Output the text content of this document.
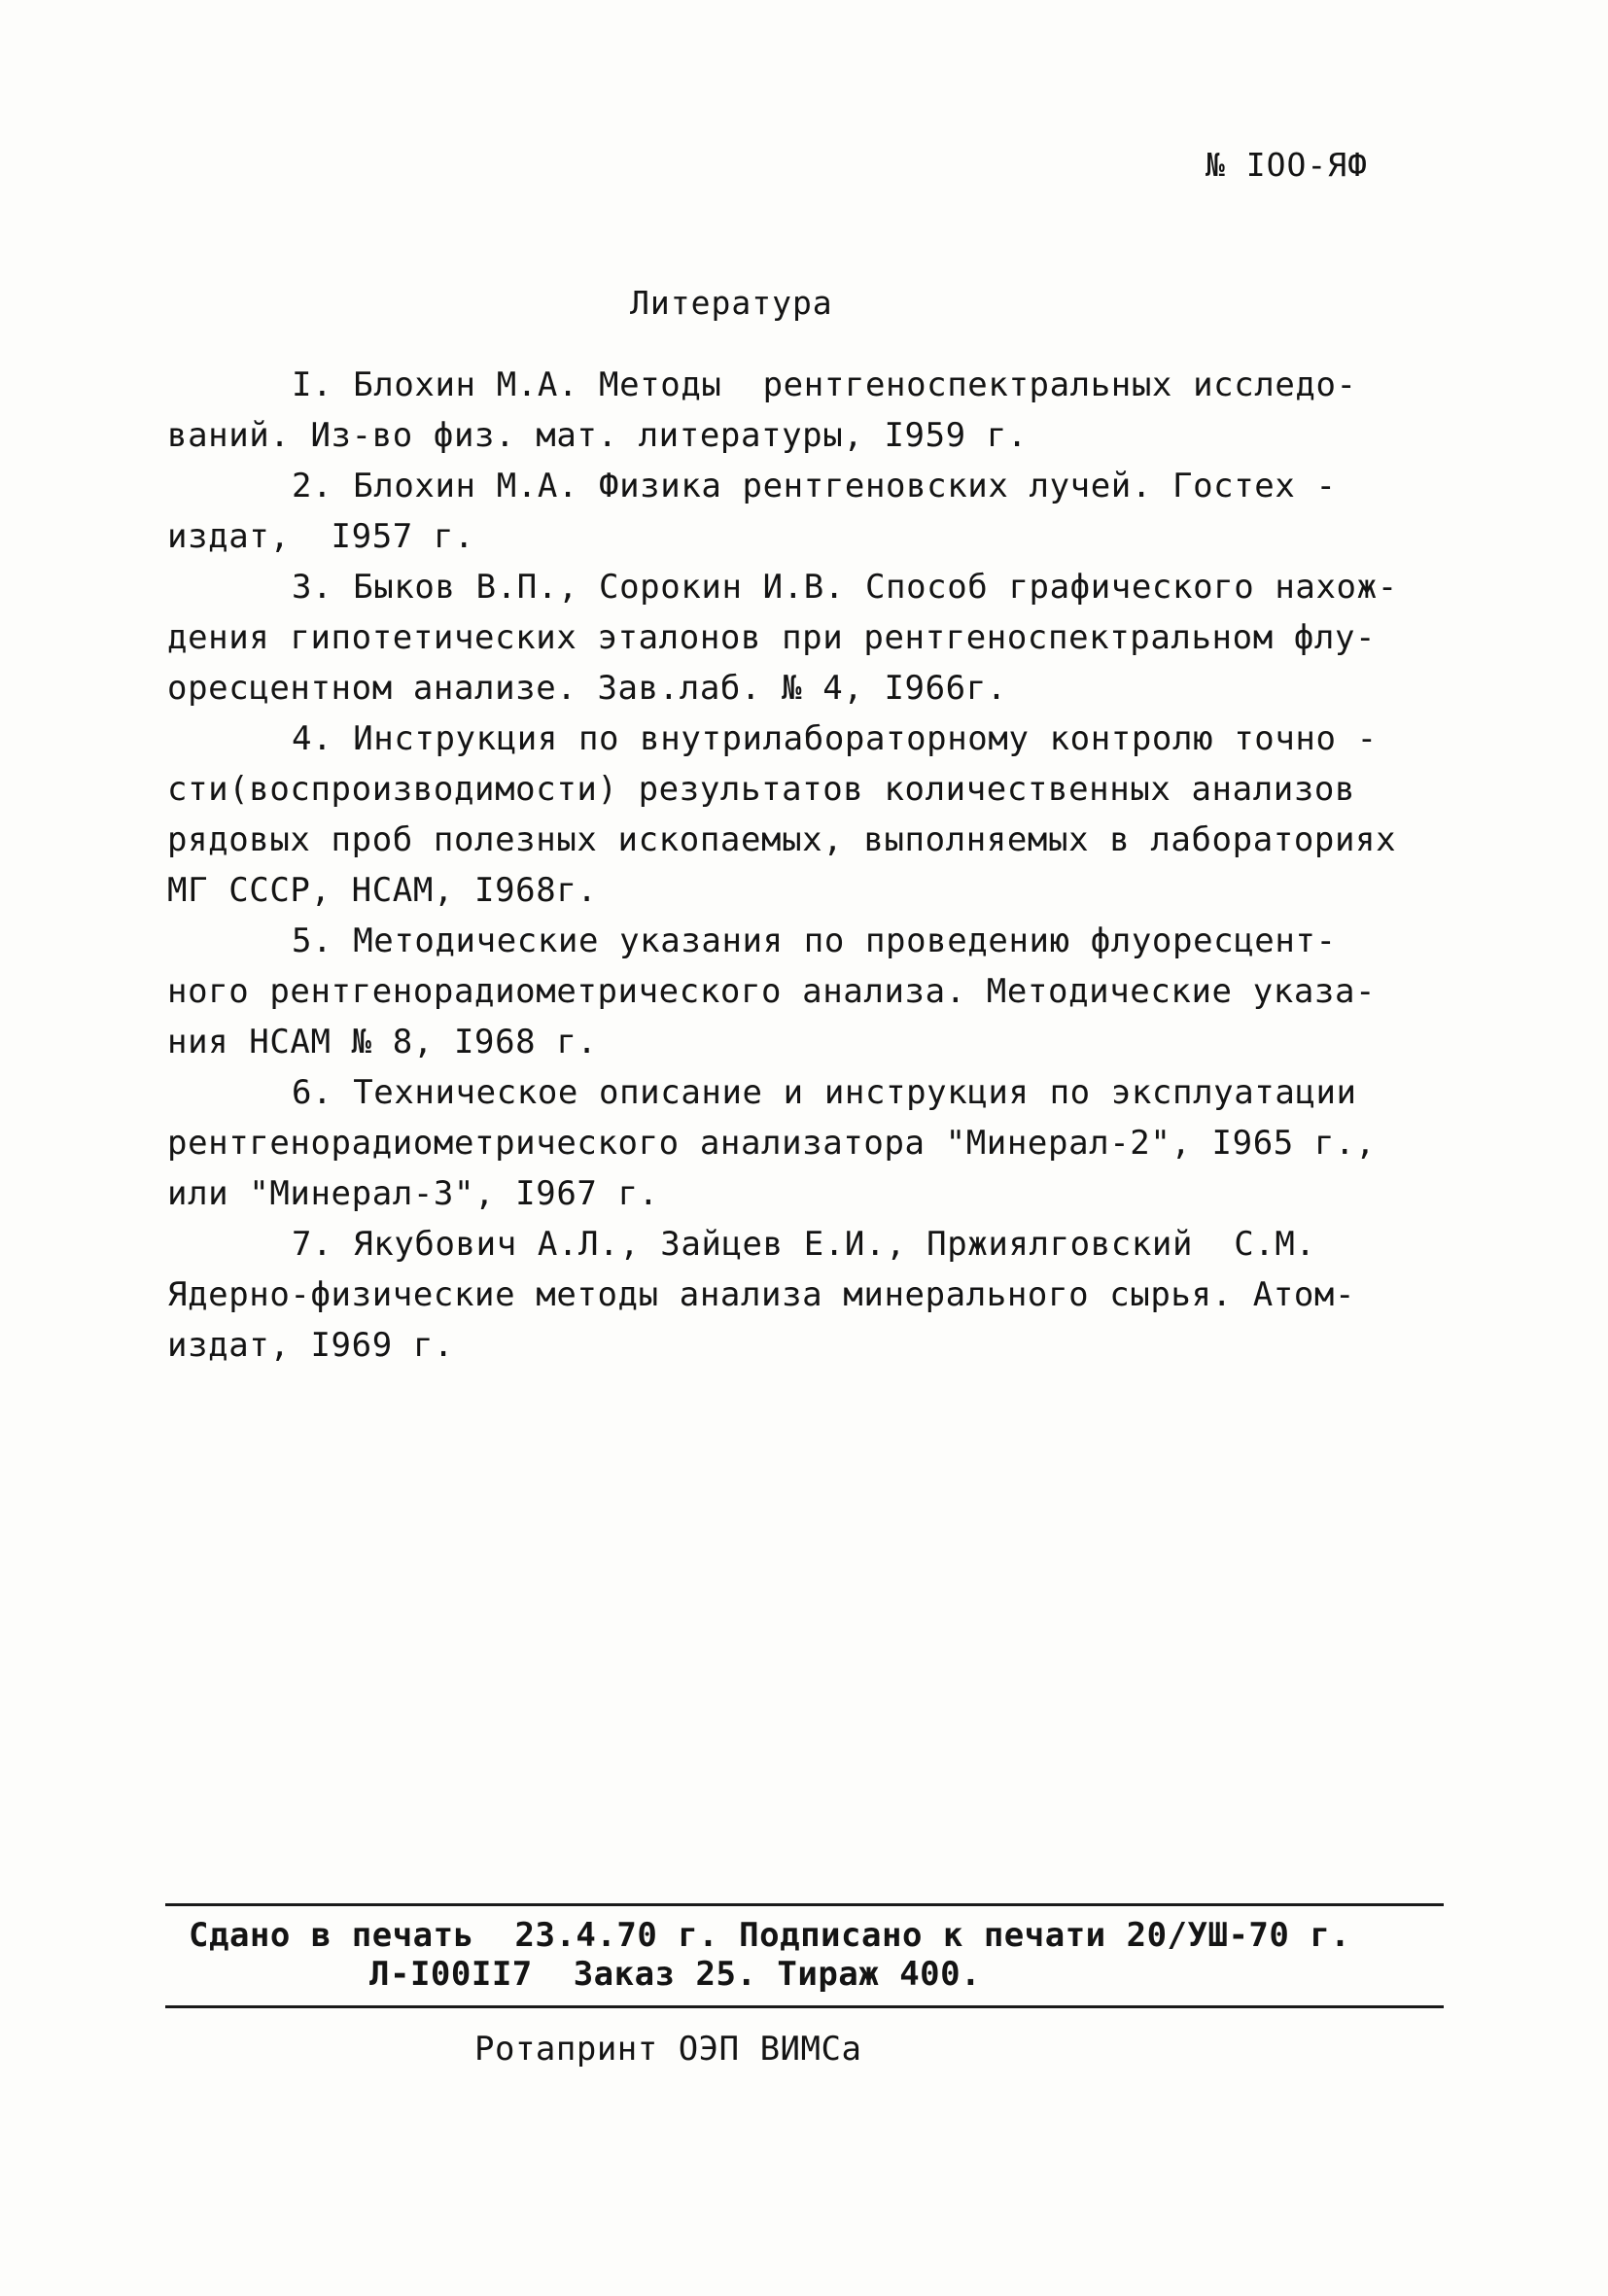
№ IOO-ЯФ
Литература
I. Блохин М.А. Методы  рентгеноспектральных исследо-
ваний. Из-во физ. мат. литературы, I959 г.
2. Блохин М.А. Физика рентгеновских лучей. Гостех -
издат,  I957 г.
3. Быков В.П., Сорокин И.В. Способ графического нахож-
дения гипотетических эталонов при рентгеноспектральном флу-
оресцентном анализе. Зав.лаб. № 4, I966г.
4. Инструкция по внутрилабораторному контролю точно -
сти(воспроизводимости) результатов количественных анализов
рядовых проб полезных ископаемых, выполняемых в лабораториях
МГ СССР, НСАМ, I968г.
5. Методические указания по проведению флуоресцент-
ного рентгенорадиометрического анализа. Методические указа-
ния НСАМ № 8, I968 г.
6. Техническое описание и инструкция по эксплуатации
рентгенорадиометрического анализатора "Минерал-2", I965 г.,
или "Минерал-3", I967 г.
7. Якубович А.Л., Зайцев Е.И., Пржиялговский  С.М.
Ядерно-физические методы анализа минерального сырья. Атом-
издат, I969 г.
Сдано в печать  23.4.70 г. Подписано к печати 20/УШ-70 г.
Л-I00II7  Заказ 25. Тираж 400.
Ротапринт ОЭП ВИМСа
